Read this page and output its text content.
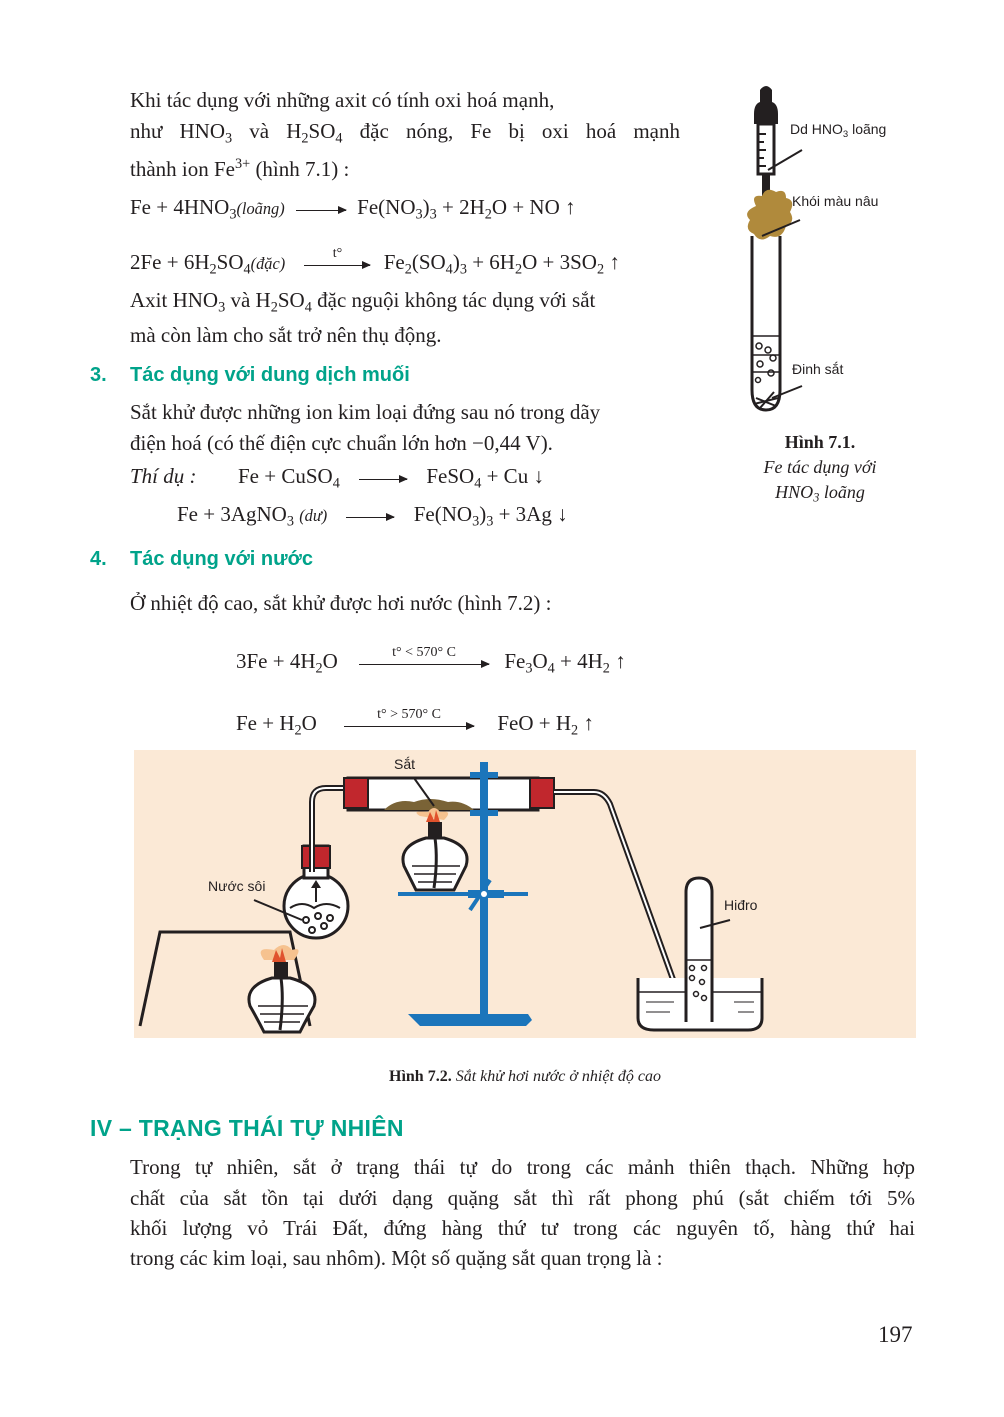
Khi tác dụng với những axit có tính oxi hoá mạnh,
như $HNO_3$ và $H_2SO_4$ đặc nóng, Fe bị oxi hoá mạnh
thành ion $Fe^{3+}$ (hình 7.1) :
$Fe + 4HNO_3(loãng) \to Fe(NO_3)_3 + 2H_2O$ + NO ↑
$2Fe + 6H_2SO_4(đặc)$
t°	$Fe_2(SO_4)_3 + 6H_2O + 3SO_2$ ↑
Axit $HNO_3$ và $H_2SO_4$ đặc nguội không tác dụng với sắt
mà còn làm cho sắt trở nên thụ động.
3. Tác dụng với dung dịch muối
Sắt khử được những ion kim loại đứng sau nó trong dãy
điện hoá (có thế điện cực chuẩn lớn hơn −0,44 V).
Thí dụ : Fe + CuSO$_4$ → FeSO$_4$ + Cu ↓
Fe + 3AgNO$_3$ (dư) → $Fe(NO_3)_3 + 3Ag$ ↓
4. Tác dụng với nước
Ở nhiệt độ cao, sắt khử được hơi nước (hình 7.2) :
$3Fe + 4H_2O$	t° < 570° C	$Fe_3O_4 + 4H_2$ ↑
$Fe + H_2O$	t° > 570° C	FeO + $H_2$ ↑
Dd $HNO_3$ loãng
Khói màu nâu
Đinh sắt
Hình 7.1.
Fe tác dụng với
$HNO_3$ loãng
Sắt
Nước sôi
Hiđro
Hình 7.2. Sắt khử hơi nước ở nhiệt độ cao
IV – TRẠNG THÁI TỰ NHIÊN
Trong tự nhiên, sắt ở trạng thái tự do trong các mảnh thiên thạch. Những hợp
chất của sắt tồn tại dưới dạng quặng sắt thì rất phong phú (sắt chiếm tới 5%
khối lượng vỏ Trái Đất, đứng hàng thứ tư trong các nguyên tố, hàng thứ hai
trong các kim loại, sau nhôm). Một số quặng sắt quan trọng là :
197
